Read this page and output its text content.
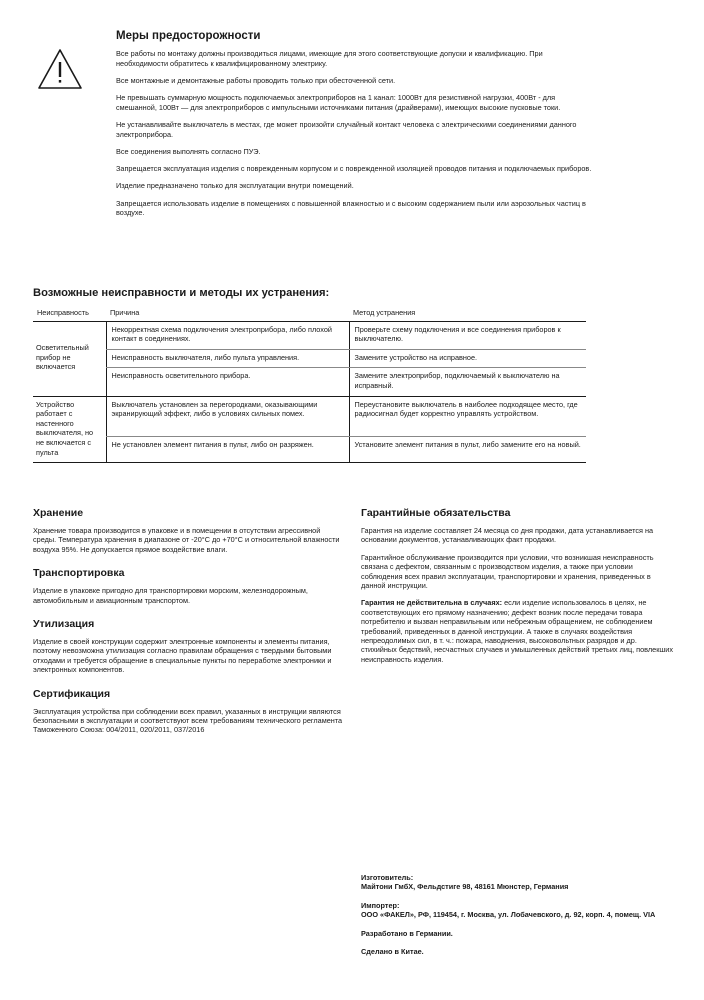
Меры предосторожности

Все работы по монтажу должны производиться лицами, имеющие для этого соответствующие допуски и квалификацию. При необходимости обратитесь к квалифицированному электрику.

Все монтажные и демонтажные работы проводить только при обесточенной сети.

Не превышать суммарную мощность подключаемых электроприборов на 1 канал: 1000Вт для резистивной нагрузки, 400Вт - для смешанной, 100Вт — для электроприборов с импульсными источниками питания (драйверами), имеющих высокие пусковые токи.

Не устанавливайте выключатель в местах, где может произойти случайный контакт человека с электрическими соединениями данного электроприбора.

Все соединения выполнять согласно ПУЭ.

Запрещается эксплуатация изделия с поврежденным корпусом и с поврежденной изоляцией проводов питания и подключаемых приборов.

Изделие предназначено только для эксплуатации внутри помещений.

Запрещается использовать изделие в помещениях с повышенной влажностью и с высоким содержанием пыли или аэрозольных частиц в воздухе.

Возможные неисправности и методы их устранения:
Неисправность	Причина	Метод устранения
Осветительный прибор не включается	Некорректная схема подключения электроприбора, либо плохой контакт в соединениях.	Проверьте схему подключения и все соединения приборов к выключателю.
	Неисправность выключателя, либо пульта управления.	Замените устройство на исправное.
	Неисправность осветительного прибора.	Замените электроприбор, подключаемый к выключателю на исправный.
Устройство работает с настенного выключателя, но не включается с пульта	Выключатель установлен за перегородками, оказывающими экранирующий эффект, либо в условиях сильных помех.	Переустановите выключатель в наиболее подходящее место, где радиосигнал будет корректно управлять устройством.
	Не установлен элемент питания в пульт, либо он разряжен.	Установите элемент питания в пульт, либо замените его на новый.
Хранение

Хранение товара производится в упаковке и в помещении в отсутствии агрессивной среды. Температура хранения в диапазоне от -20°С до +70°С и относительной влажности воздуха 95%. Не допускается прямое воздействие влаги.

Транспортировка

Изделие в упаковке пригодно для транспортировки морским, железнодорожным, автомобильным и авиационным транспортом.

Утилизация

Изделие в своей конструкции содержит электронные компоненты и элементы питания, поэтому невозможна утилизация согласно правилам обращения с твердыми бытовыми отходами и требуется обращение в специальные пункты по переработке электроники и электронных компонентов.

Сертификация

Эксплуатация устройства при соблюдении всех правил, указанных в инструкции являются безопасными в эксплуатации и соответствуют всем требованиям технического регламента Таможенного Союза: 004/2011, 020/2011, 037/2016

Гарантийные обязательства

Гарантия на изделие составляет 24 месяца со дня продажи, дата устанавливается на основании документов, устанавливающих факт продажи.

Гарантийное обслуживание производится при условии, что возникшая неисправность связана с дефектом, связанным с производством изделия, а также при условии соблюдения всех правил эксплуатации, транспортировки и хранения, приведенных в данной инструкции.

Гарантия не действительна в случаях: если изделие использовалось в целях, не соответствующих его прямому назначению; дефект возник после передачи товара потребителю и вызван неправильным или небрежным обращением, не соблюдением требований, приведенных в данной инструкции. А также в случаях воздействия непреодолимых сил, в т. ч.: пожара, наводнения, высоковольтных разрядов и др. стихийных бедствий, несчастных случаев и умышленных действий третьих лиц, повлекших неисправность изделия.

Изготовитель:
Майтони ГмбХ, Фельдстиге 98, 48161 Мюнстер, Германия

Импортер:
ООО «ФАКЕЛ», РФ, 119454, г. Москва, ул. Лобачевского, д. 92, корп. 4, помещ. VIA

Разработано в Германии.

Сделано в Китае.
